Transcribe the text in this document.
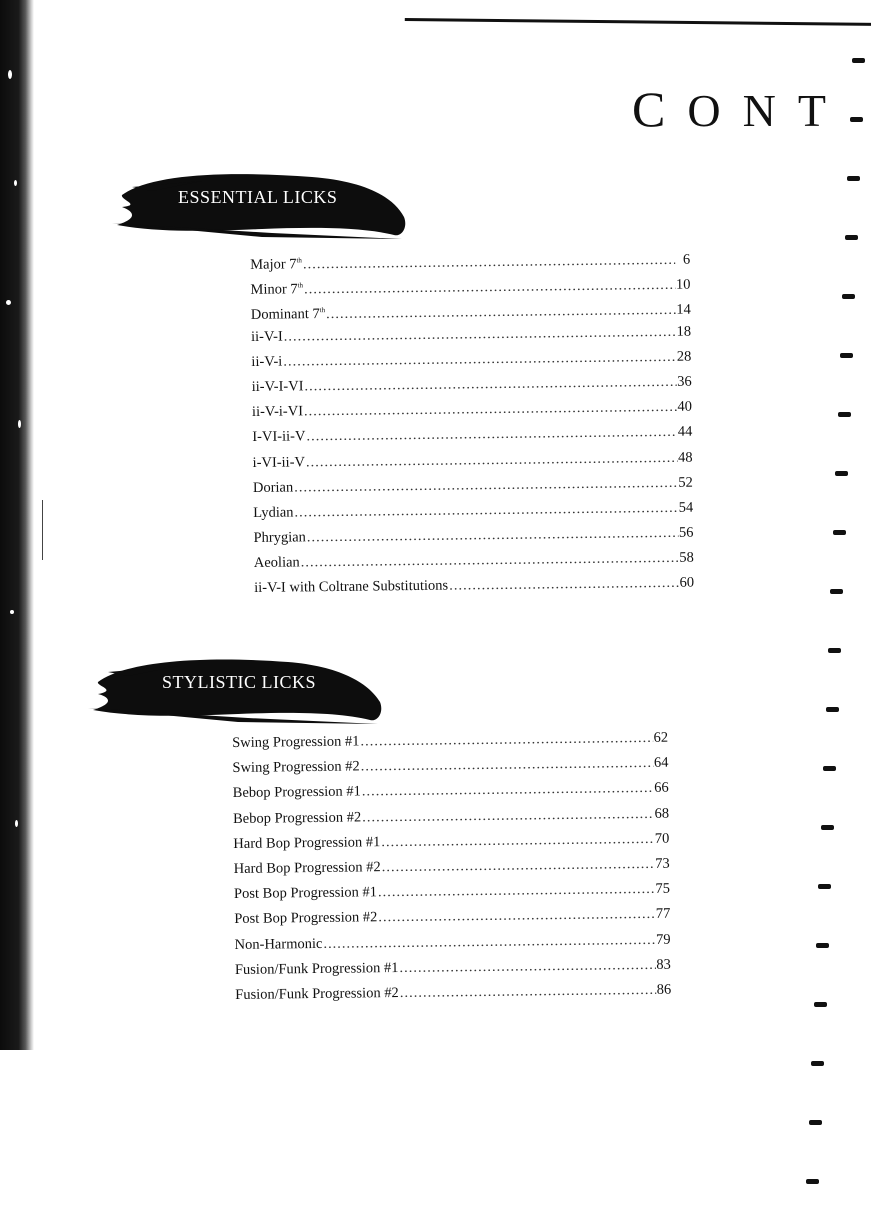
CONT
ESSENTIAL LICKS
STYLISTIC LICKS
Major 7th .....	6
Minor 7th .....	10
Dominant 7th .....	14
ii-V-I .....	18
ii-V-i .....	28
ii-V-I-VI .....	36
ii-V-i-VI .....	40
I-VI-ii-V .....	44
i-VI-ii-V .....	48
Dorian .....	52
Lydian .....	54
Phrygian .....	56
Aeolian .....	58
ii-V-I with Coltrane Substitutions .....	60
Swing Progression #1 .....	62
Swing Progression #2 .....	64
Bebop Progression #1 .....	66
Bebop Progression #2 .....	68
Hard Bop Progression #1 .....	70
Hard Bop Progression #2 .....	73
Post Bop Progression #1 .....	75
Post Bop Progression #2 .....	77
Non-Harmonic .....	79
Fusion/Funk Progression #1 .....	83
Fusion/Funk Progression #2 .....	86
